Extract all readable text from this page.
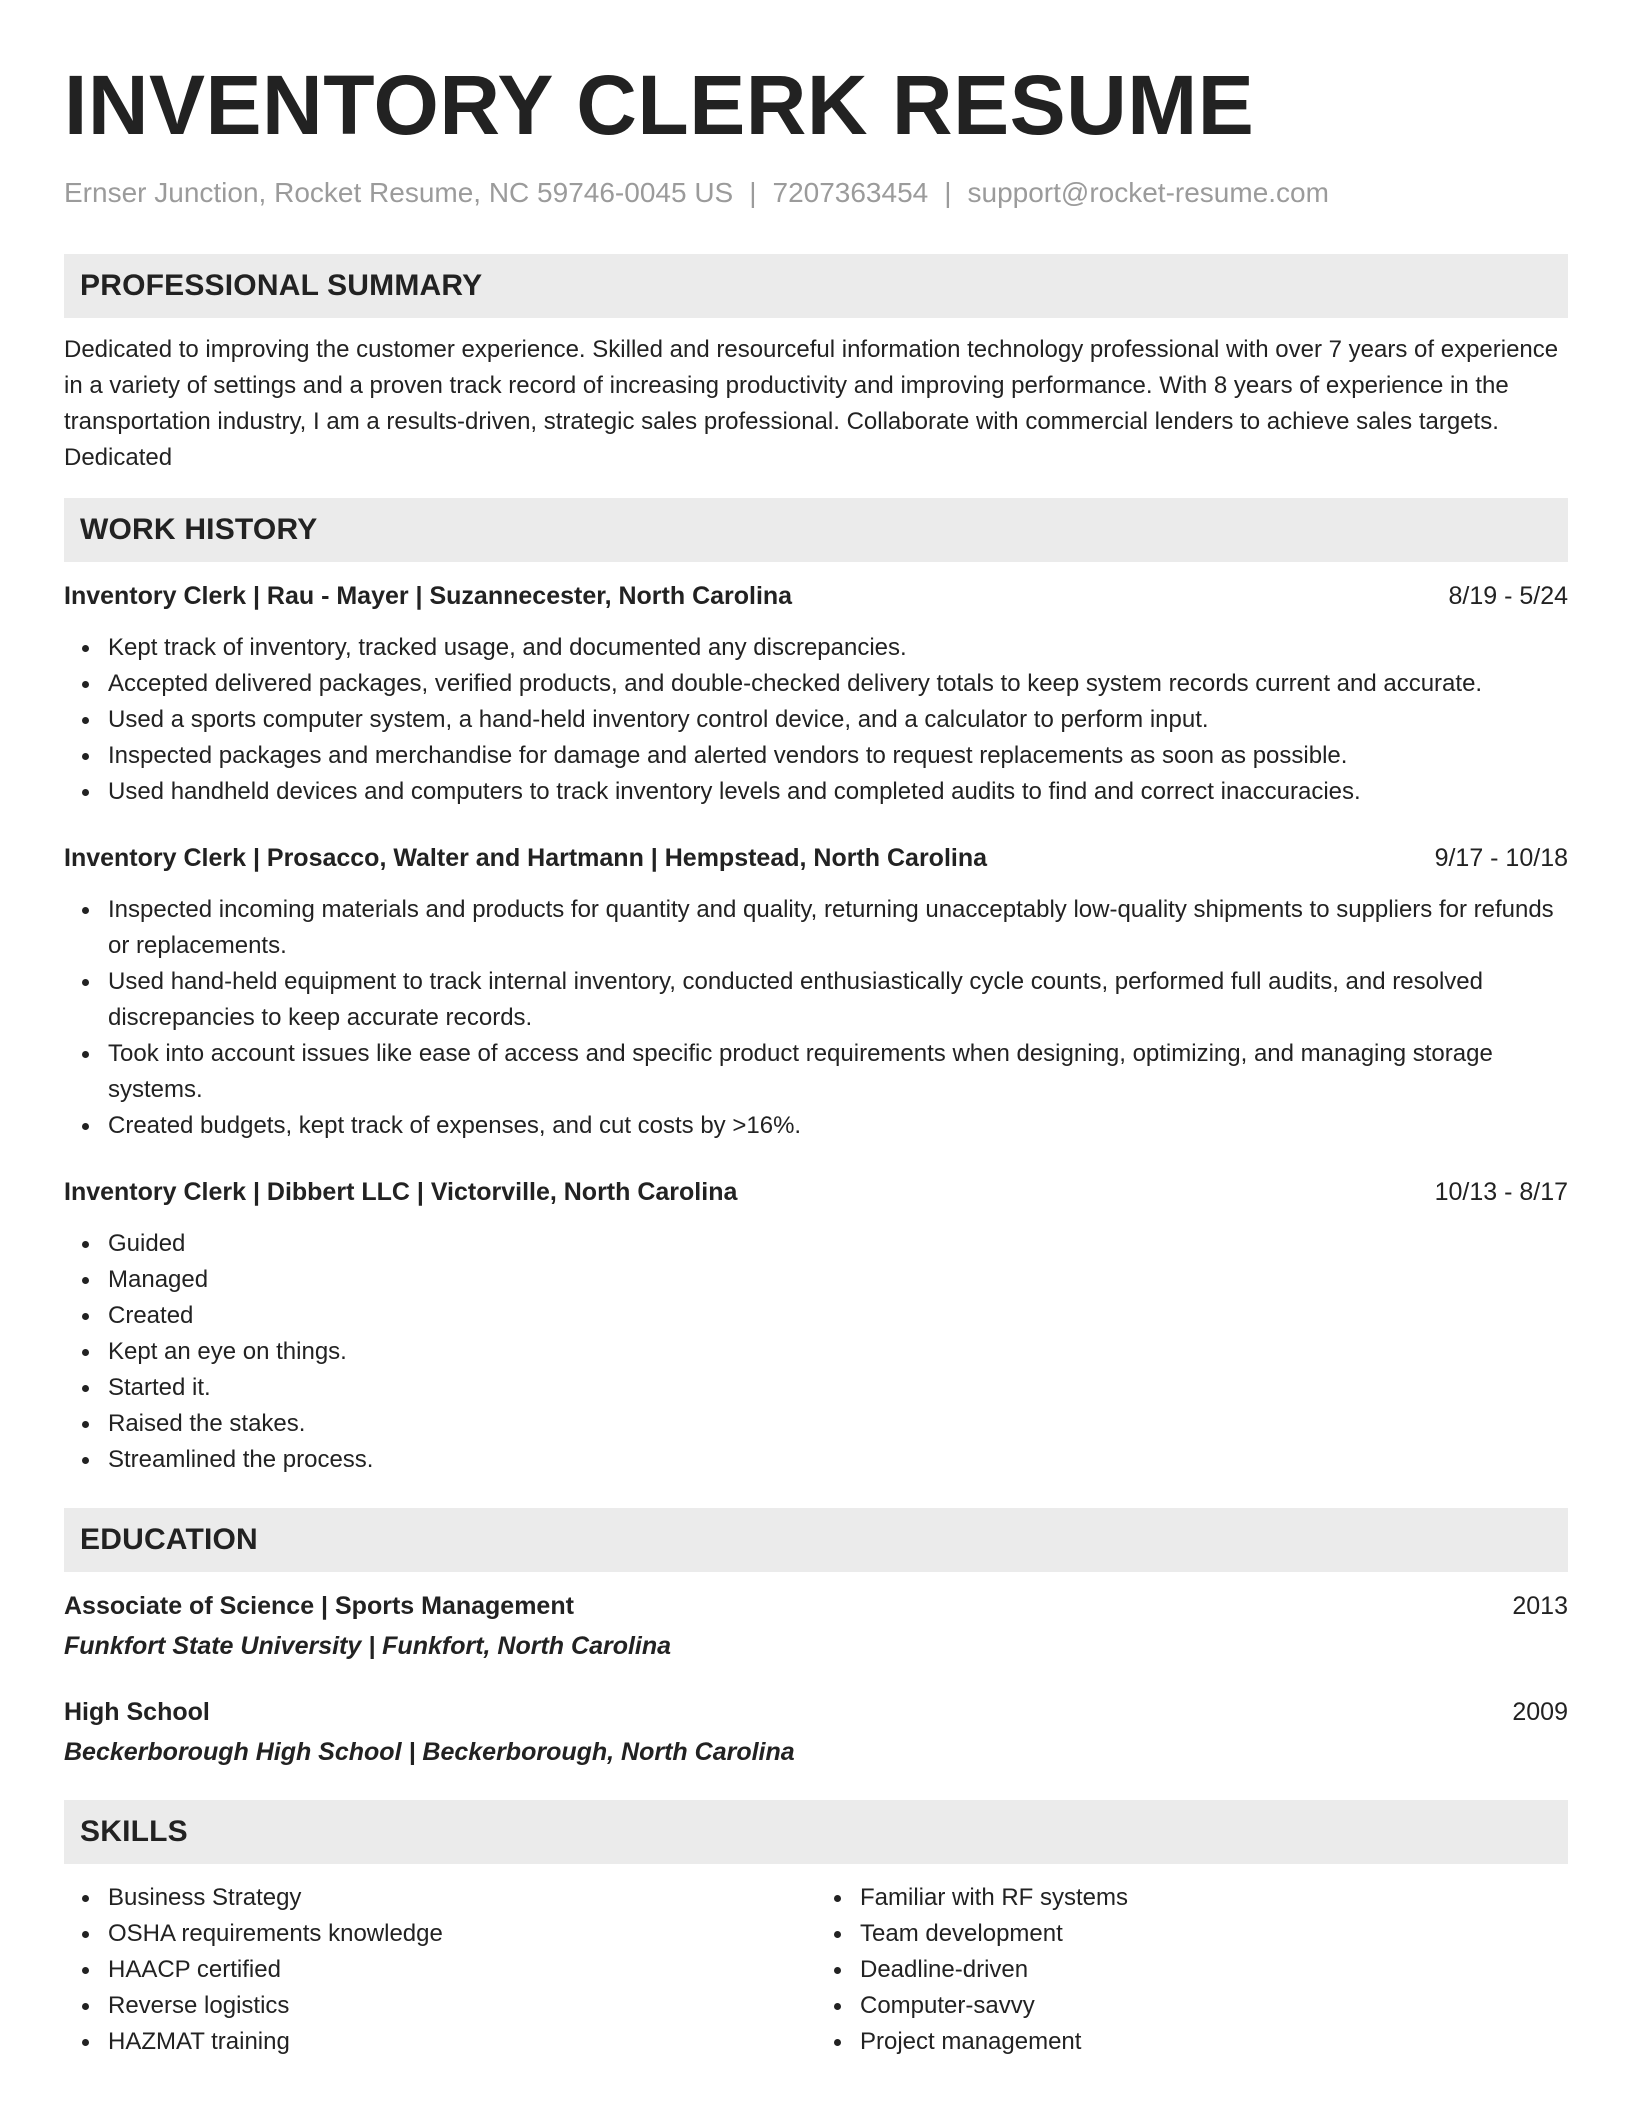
INVENTORY CLERK RESUME
Ernser Junction, Rocket Resume, NC 59746-0045 US | 7207363454 | support@rocket-resume.com
PROFESSIONAL SUMMARY

Dedicated to improving the customer experience. Skilled and resourceful information technology professional with over 7 years of experience in a variety of settings and a proven track record of increasing productivity and improving performance. With 8 years of experience in the transportation industry, I am a results-driven, strategic sales professional. Collaborate with commercial lenders to achieve sales targets. Dedicated

WORK HISTORY
Inventory Clerk | Rau - Mayer | Suzannecester, North Carolina	8/19 - 5/24
Kept track of inventory, tracked usage, and documented any discrepancies.
Accepted delivered packages, verified products, and double-checked delivery totals to keep system records current and accurate.
Used a sports computer system, a hand-held inventory control device, and a calculator to perform input.
Inspected packages and merchandise for damage and alerted vendors to request replacements as soon as possible.
Used handheld devices and computers to track inventory levels and completed audits to find and correct inaccuracies.
Inventory Clerk | Prosacco, Walter and Hartmann | Hempstead, North Carolina	9/17 - 10/18
Inspected incoming materials and products for quantity and quality, returning unacceptably low-quality shipments to suppliers for refunds or replacements.
Used hand-held equipment to track internal inventory, conducted enthusiastically cycle counts, performed full audits, and resolved discrepancies to keep accurate records.
Took into account issues like ease of access and specific product requirements when designing, optimizing, and managing storage systems.
Created budgets, kept track of expenses, and cut costs by >16%.
Inventory Clerk | Dibbert LLC | Victorville, North Carolina	10/13 - 8/17
Guided
Managed
Created
Kept an eye on things.
Started it.
Raised the stakes.
Streamlined the process.
EDUCATION
Associate of Science | Sports Management	2013
Funkfort State University | Funkfort, North Carolina
High School	2009
Beckerborough High School | Beckerborough, North Carolina
SKILLS
Business Strategy
OSHA requirements knowledge
HAACP certified
Reverse logistics
HAZMAT training
Familiar with RF systems
Team development
Deadline-driven
Computer-savvy
Project management
